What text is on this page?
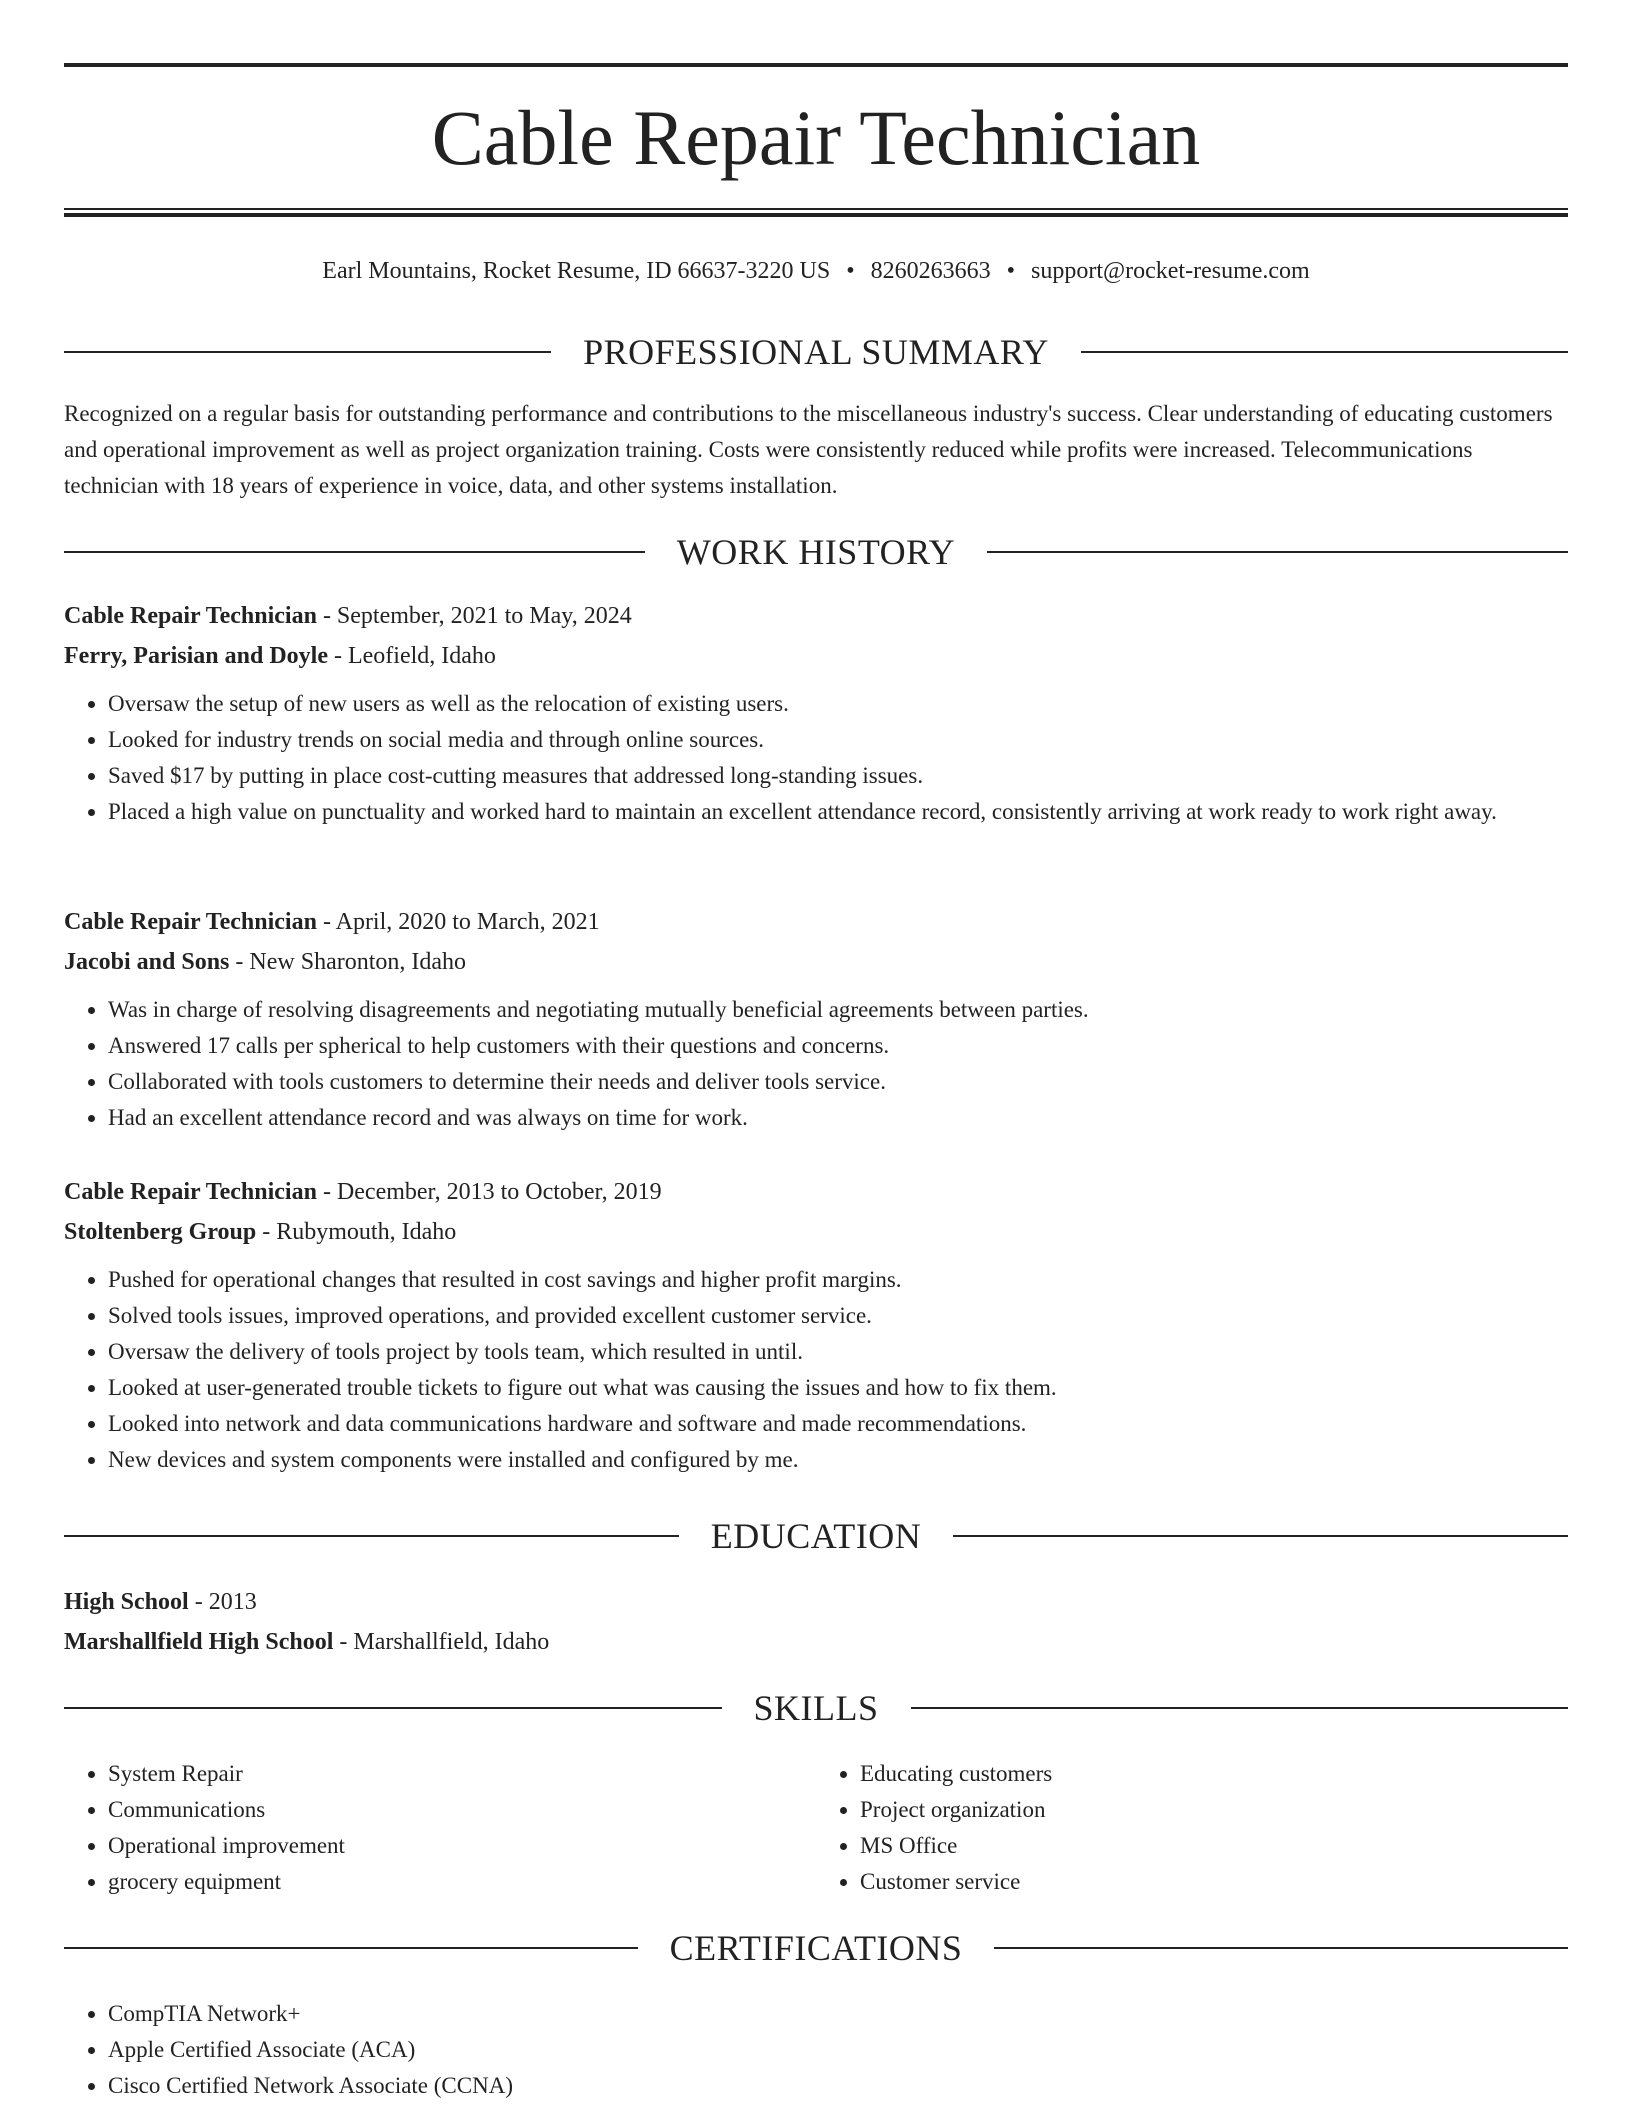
Cable Repair Technician
Earl Mountains, Rocket Resume, ID 66637-3220 US • 8260263663 • support@rocket-resume.com
PROFESSIONAL SUMMARY

Recognized on a regular basis for outstanding performance and contributions to the miscellaneous industry's success. Clear understanding of educating customers and operational improvement as well as project organization training. Costs were consistently reduced while profits were increased. Telecommunications technician with 18 years of experience in voice, data, and other systems installation.

WORK HISTORY

Cable Repair Technician - September, 2021 to May, 2024

Ferry, Parisian and Doyle - Leofield, Idaho

• Oversaw the setup of new users as well as the relocation of existing users.
• Looked for industry trends on social media and through online sources.
• Saved $17 by putting in place cost-cutting measures that addressed long-standing issues.
• Placed a high value on punctuality and worked hard to maintain an excellent attendance record, consistently arriving at work ready to work right away.

Cable Repair Technician - April, 2020 to March, 2021

Jacobi and Sons - New Sharonton, Idaho

• Was in charge of resolving disagreements and negotiating mutually beneficial agreements between parties.
• Answered 17 calls per spherical to help customers with their questions and concerns.
• Collaborated with tools customers to determine their needs and deliver tools service.
• Had an excellent attendance record and was always on time for work.

Cable Repair Technician - December, 2013 to October, 2019

Stoltenberg Group - Rubymouth, Idaho

• Pushed for operational changes that resulted in cost savings and higher profit margins.
• Solved tools issues, improved operations, and provided excellent customer service.
• Oversaw the delivery of tools project by tools team, which resulted in until.
• Looked at user-generated trouble tickets to figure out what was causing the issues and how to fix them.
• Looked into network and data communications hardware and software and made recommendations.
• New devices and system components were installed and configured by me.
EDUCATION

High School - 2013

Marshallfield High School - Marshallfield, Idaho

SKILLS
• System Repair
• Communications
• Operational improvement
• grocery equipment
• Educating customers
• Project organization
• MS Office
• Customer service
CERTIFICATIONS
• CompTIA Network+
• Apple Certified Associate (ACA)
• Cisco Certified Network Associate (CCNA)
